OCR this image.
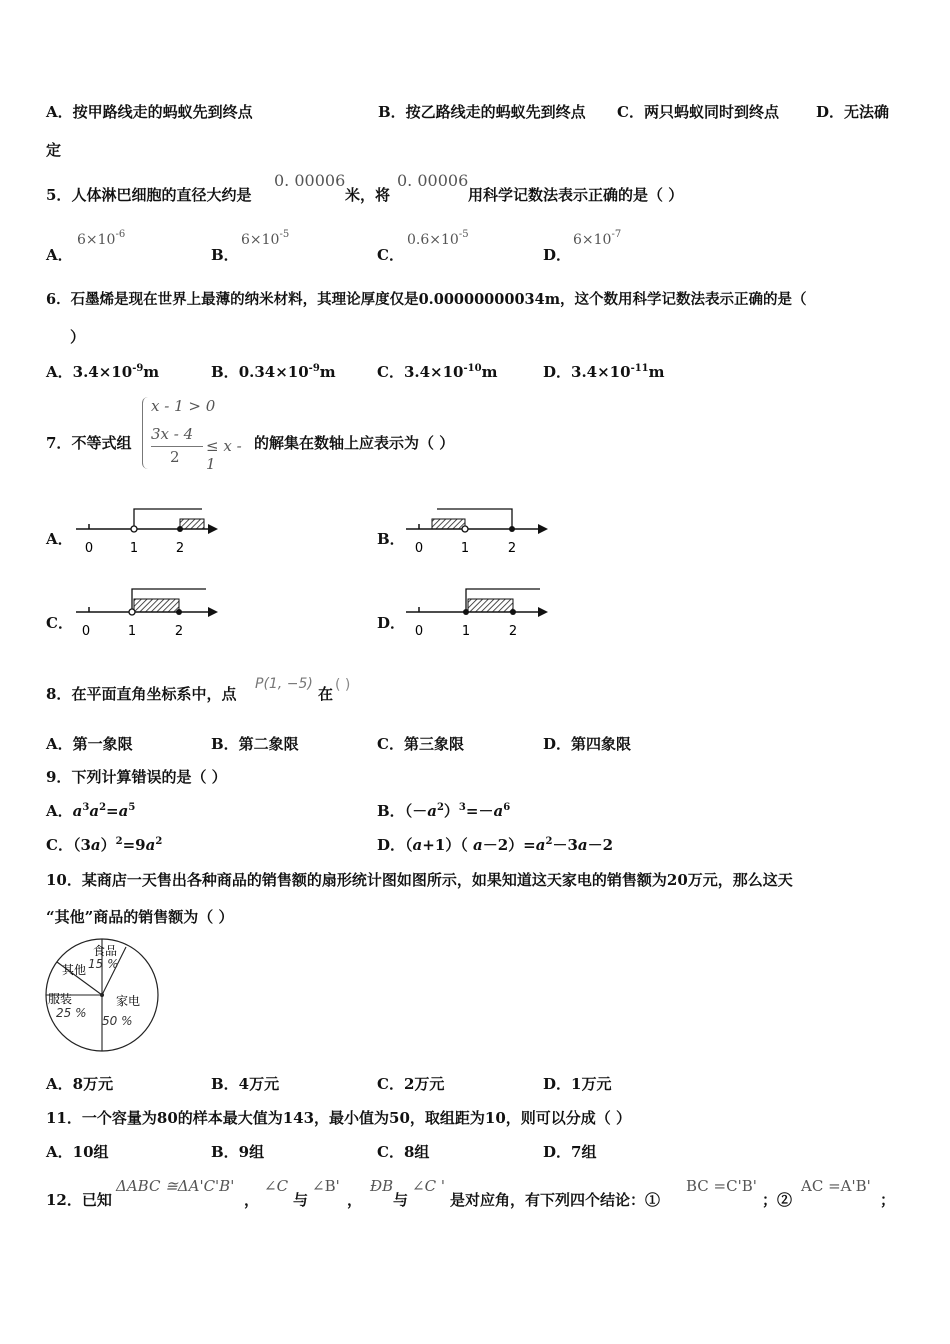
A．按甲路线走的蚂蚁先到终点	B．按乙路线走的蚂蚁先到终点 C．两只蚂蚁同时到终点 D．无法确
定
5．人体淋巴细胞的直径大约是
0. 00006
米，将
0. 00006
用科学记数法表示正确的是（ ）
A．
$6\times 10^{-6}$
B．
$6\times 10^{-5}$
C．
$0.6\times 10^{-5}$
D．
$6\times 10^{-7}$
6．石墨烯是现在世界上最薄的纳米材料，其理论厚度仅是0.00000000034m，这个数用科学记数法表示正确的是（
）
A．$3.4\times 10^{-9}m$	B．$0.34\times 10^{-9}m$	C．$3.4\times 10^{-10}m$	D．$3.4\times 10^{-11}m$
7．不等式组
x - 1 > 0
3x - 4
2
≤ x - 1
的解集在数轴上应表示为（ ）
A．
0	1	2
B．
0	1	2
C． 0	1	2	D． 0	1	2
8．在平面直角坐标系中，点
P(1, −5)
在 ( )
A．第一象限	B．第二象限	C．第三象限	D．第四象限
9．下列计算错误的是（ ）
A．$a^3a^2=a^5$	B．$(-a^2)^3=-a^6$
C．$(3a)^2=9a^2$	D．（a+1）（ $a-2)=a^2-3a-2$
10．某商店一天售出各种商品的销售额的扇形统计图如图所示，如果知道这天家电的销售额为20万元，那么这天
“其他”商品的销售额为（ ）
食品
15 %
其他
服装
25 %
家电
50 %
A．8万元	B．4万元	C．2万元	D．1万元
11．一个容量为80的样本最大值为143，最小值为50，取组距为10，则可以分成（ ）
A．10组	B．9组	C．8组	D．7组
12．已知
ΔABC ≅ΔA'C'B'
，
∠C
与
∠B'
，
ÐB
与
∠C '
是对应角，有下列四个结论：①
BC =C'B'
；②
AC =A'B'
；
